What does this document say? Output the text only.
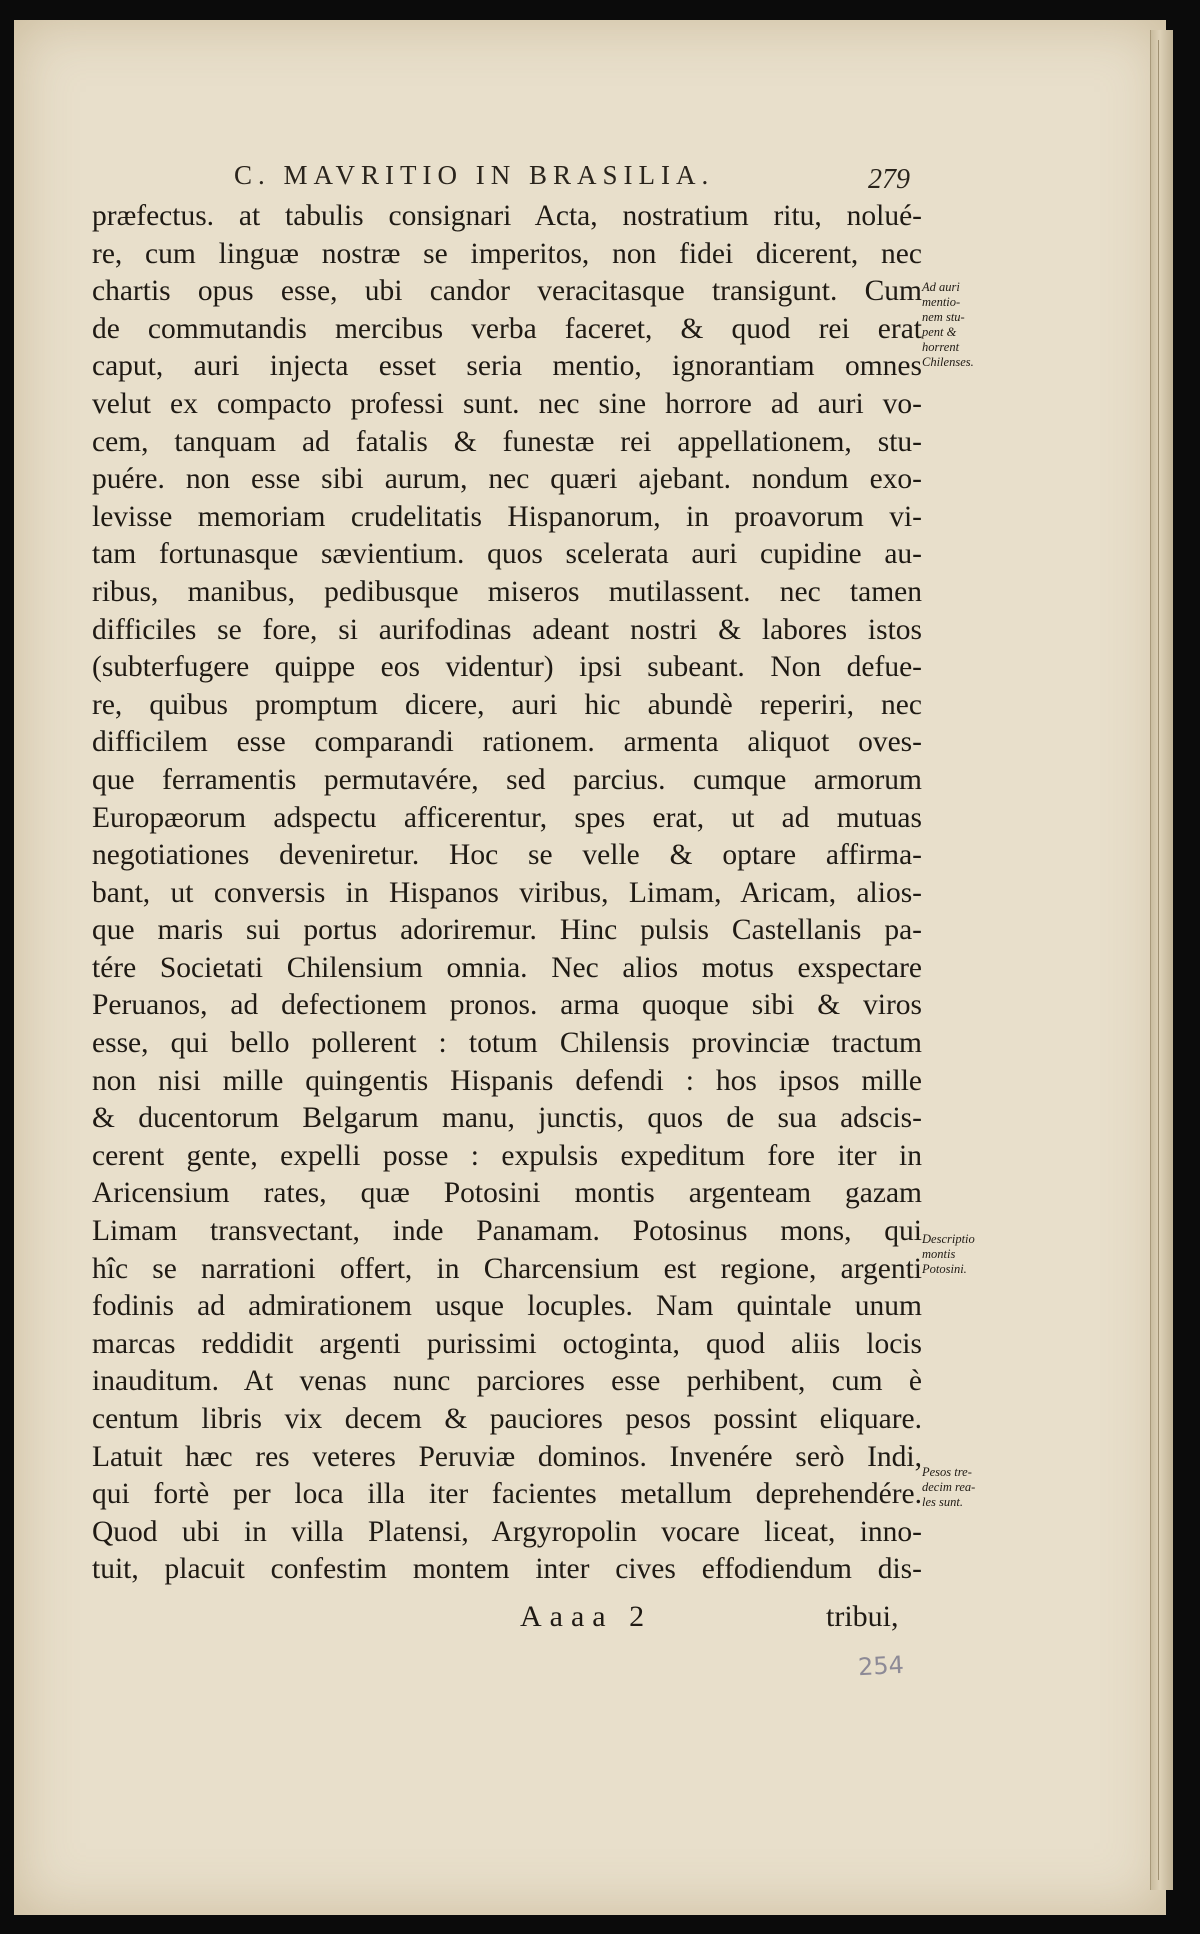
C. MAVRITIO IN BRASILIA.	279
præfectus. at tabulis consignari Acta, nostratium ritu, nolué-
re, cum linguæ nostræ se imperitos, non fidei dicerent, nec
chartis opus esse, ubi candor veracitasque transigunt. Cum
de commutandis mercibus verba faceret, & quod rei erat
caput, auri injecta esset seria mentio, ignorantiam omnes
velut ex compacto professi sunt. nec sine horrore ad auri vo-
cem, tanquam ad fatalis & funestæ rei appellationem, stu-
puére. non esse sibi aurum, nec quæri ajebant. nondum exo-
levisse memoriam crudelitatis Hispanorum, in proavorum vi-
tam fortunasque sævientium. quos scelerata auri cupidine au-
ribus, manibus, pedibusque miseros mutilassent. nec tamen
difficiles se fore, si aurifodinas adeant nostri & labores istos
(subterfugere quippe eos videntur) ipsi subeant. Non defue-
re, quibus promptum dicere, auri hic abundè reperiri, nec
difficilem esse comparandi rationem. armenta aliquot oves-
que ferramentis permutavére, sed parcius. cumque armorum
Europæorum adspectu afficerentur, spes erat, ut ad mutuas
negotiationes deveniretur. Hoc se velle & optare affirma-
bant, ut conversis in Hispanos viribus, Limam, Aricam, alios-
que maris sui portus adoriremur. Hinc pulsis Castellanis pa-
tére Societati Chilensium omnia. Nec alios motus exspectare
Peruanos, ad defectionem pronos. arma quoque sibi & viros
esse, qui bello pollerent : totum Chilensis provinciæ tractum
non nisi mille quingentis Hispanis defendi : hos ipsos mille
& ducentorum Belgarum manu, junctis, quos de sua adscis-
cerent gente, expelli posse : expulsis expeditum fore iter in
Aricensium rates, quæ Potosini montis argenteam gazam
Limam transvectant, inde Panamam. Potosinus mons, qui
hîc se narrationi offert, in Charcensium est regione, argenti
fodinis ad admirationem usque locuples. Nam quintale unum
marcas reddidit argenti purissimi octoginta, quod aliis locis
inauditum. At venas nunc parciores esse perhibent, cum è
centum libris vix decem & pauciores pesos possint eliquare.
Latuit hæc res veteres Peruviæ dominos. Invenére serò Indi,
qui fortè per loca illa iter facientes metallum deprehendére.
Quod ubi in villa Platensi, Argyropolin vocare liceat, inno-
tuit, placuit confestim montem inter cives effodiendum dis-
Ad auri
mentio-
nem stu-
pent &
horrent
Chilenses.
Descriptio
montis
Potosini.
Pesos tre-
decim rea-
les sunt.
Aaaa 2	tribui,
254
